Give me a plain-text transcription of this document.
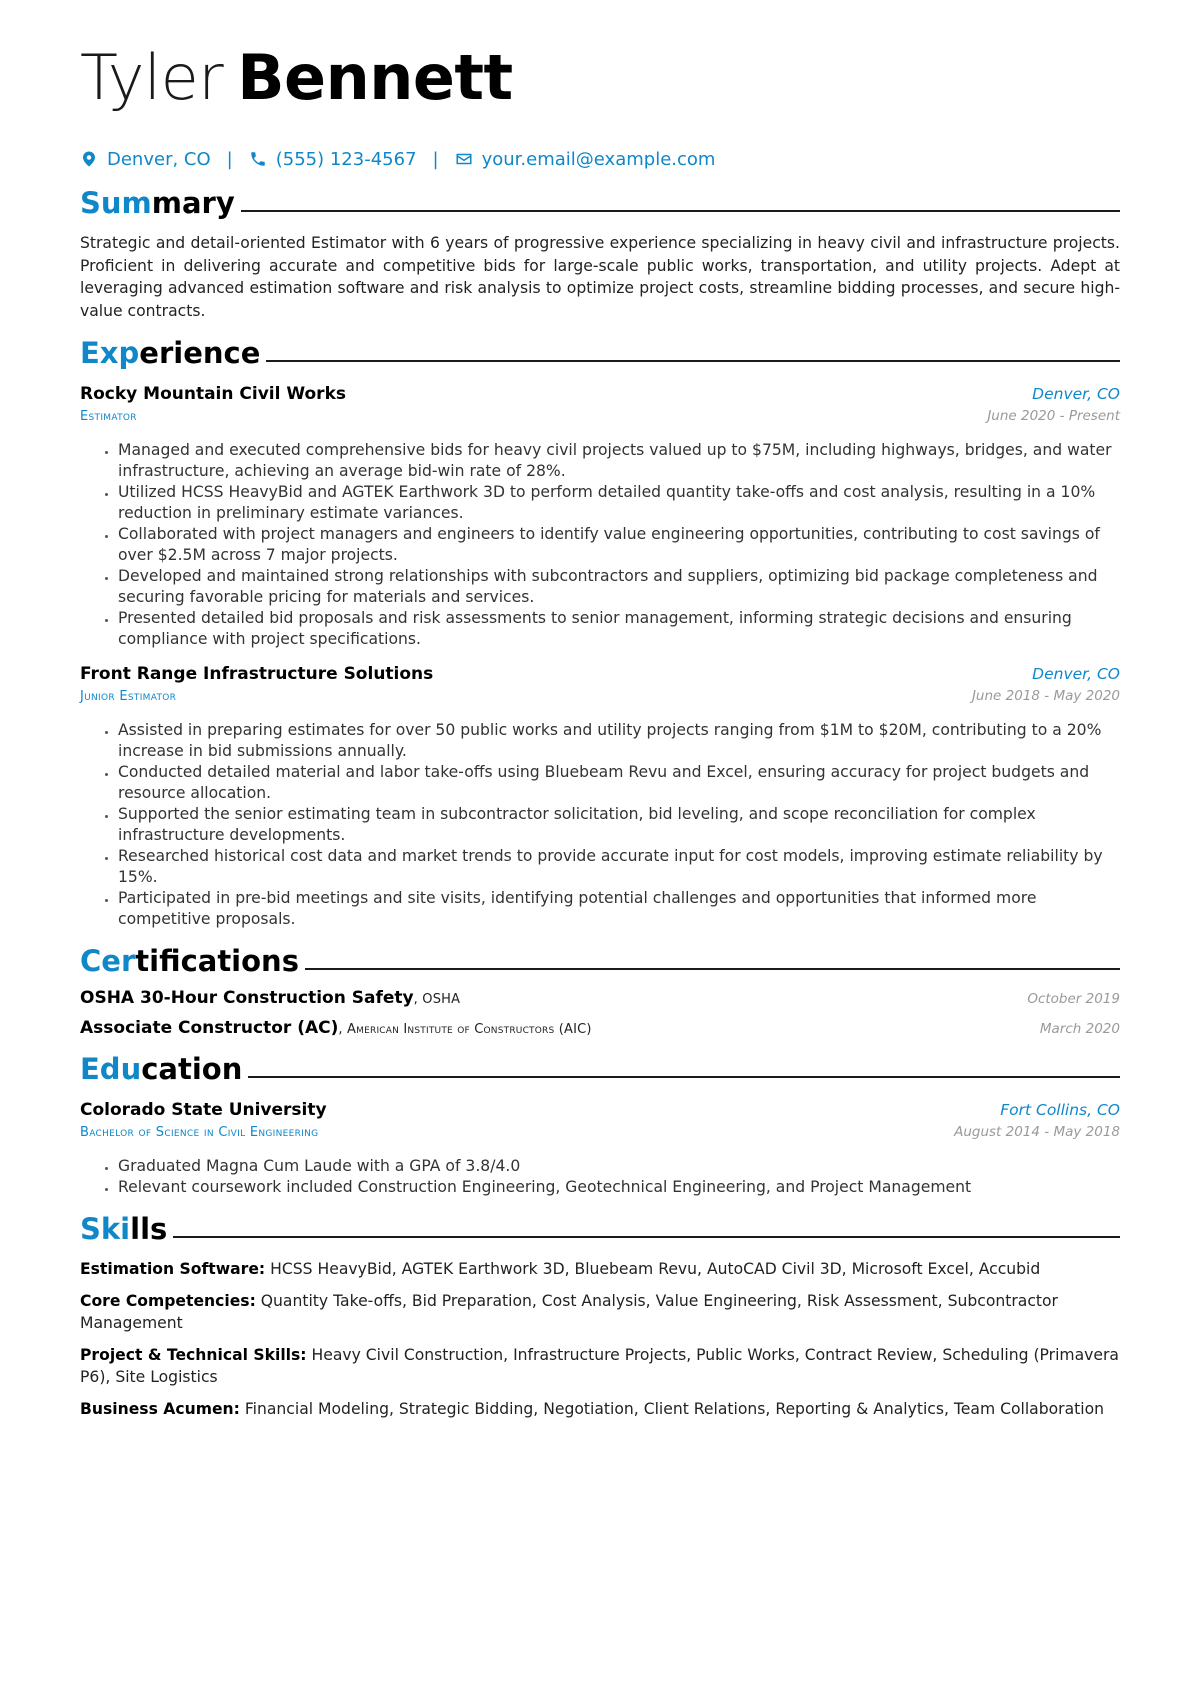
Tyler Bennett
Denver, CO | (555) 123-4567 | your.email@example.com
Summary
Strategic and detail-oriented Estimator with 6 years of progressive experience specializing in heavy civil and infrastructure projects. Proficient in delivering accurate and competitive bids for large-scale public works, transportation, and utility projects. Adept at leveraging advanced estimation software and risk analysis to optimize project costs, streamline bidding processes, and secure high-value contracts.
Experience
Rocky Mountain Civil Works	Denver, CO
Estimator	June 2020 - Present
• Managed and executed comprehensive bids for heavy civil projects valued up to $75M, including highways, bridges, and water infrastructure, achieving an average bid-win rate of 28%.
• Utilized HCSS HeavyBid and AGTEK Earthwork 3D to perform detailed quantity take-offs and cost analysis, resulting in a 10% reduction in preliminary estimate variances.
• Collaborated with project managers and engineers to identify value engineering opportunities, contributing to cost savings of over $2.5M across 7 major projects.
• Developed and maintained strong relationships with subcontractors and suppliers, optimizing bid package completeness and securing favorable pricing for materials and services.
• Presented detailed bid proposals and risk assessments to senior management, informing strategic decisions and ensuring compliance with project specifications.
Front Range Infrastructure Solutions	Denver, CO
Junior Estimator	June 2018 - May 2020
• Assisted in preparing estimates for over 50 public works and utility projects ranging from $1M to $20M, contributing to a 20% increase in bid submissions annually.
• Conducted detailed material and labor take-offs using Bluebeam Revu and Excel, ensuring accuracy for project budgets and resource allocation.
• Supported the senior estimating team in subcontractor solicitation, bid leveling, and scope reconciliation for complex infrastructure developments.
• Researched historical cost data and market trends to provide accurate input for cost models, improving estimate reliability by 15%.
• Participated in pre-bid meetings and site visits, identifying potential challenges and opportunities that informed more competitive proposals.
Certifications
OSHA 30-Hour Construction Safety, OSHA	October 2019
Associate Constructor (AC), American Institute of Constructors (AIC)	March 2020
Education
Colorado State University	Fort Collins, CO
Bachelor of Science in Civil Engineering	August 2014 - May 2018
• Graduated Magna Cum Laude with a GPA of 3.8/4.0
• Relevant coursework included Construction Engineering, Geotechnical Engineering, and Project Management
Skills
Estimation Software: HCSS HeavyBid, AGTEK Earthwork 3D, Bluebeam Revu, AutoCAD Civil 3D, Microsoft Excel, Accubid
Core Competencies: Quantity Take-offs, Bid Preparation, Cost Analysis, Value Engineering, Risk Assessment, Subcontractor Management
Project & Technical Skills: Heavy Civil Construction, Infrastructure Projects, Public Works, Contract Review, Scheduling (Primavera P6), Site Logistics
Business Acumen: Financial Modeling, Strategic Bidding, Negotiation, Client Relations, Reporting & Analytics, Team Collaboration
